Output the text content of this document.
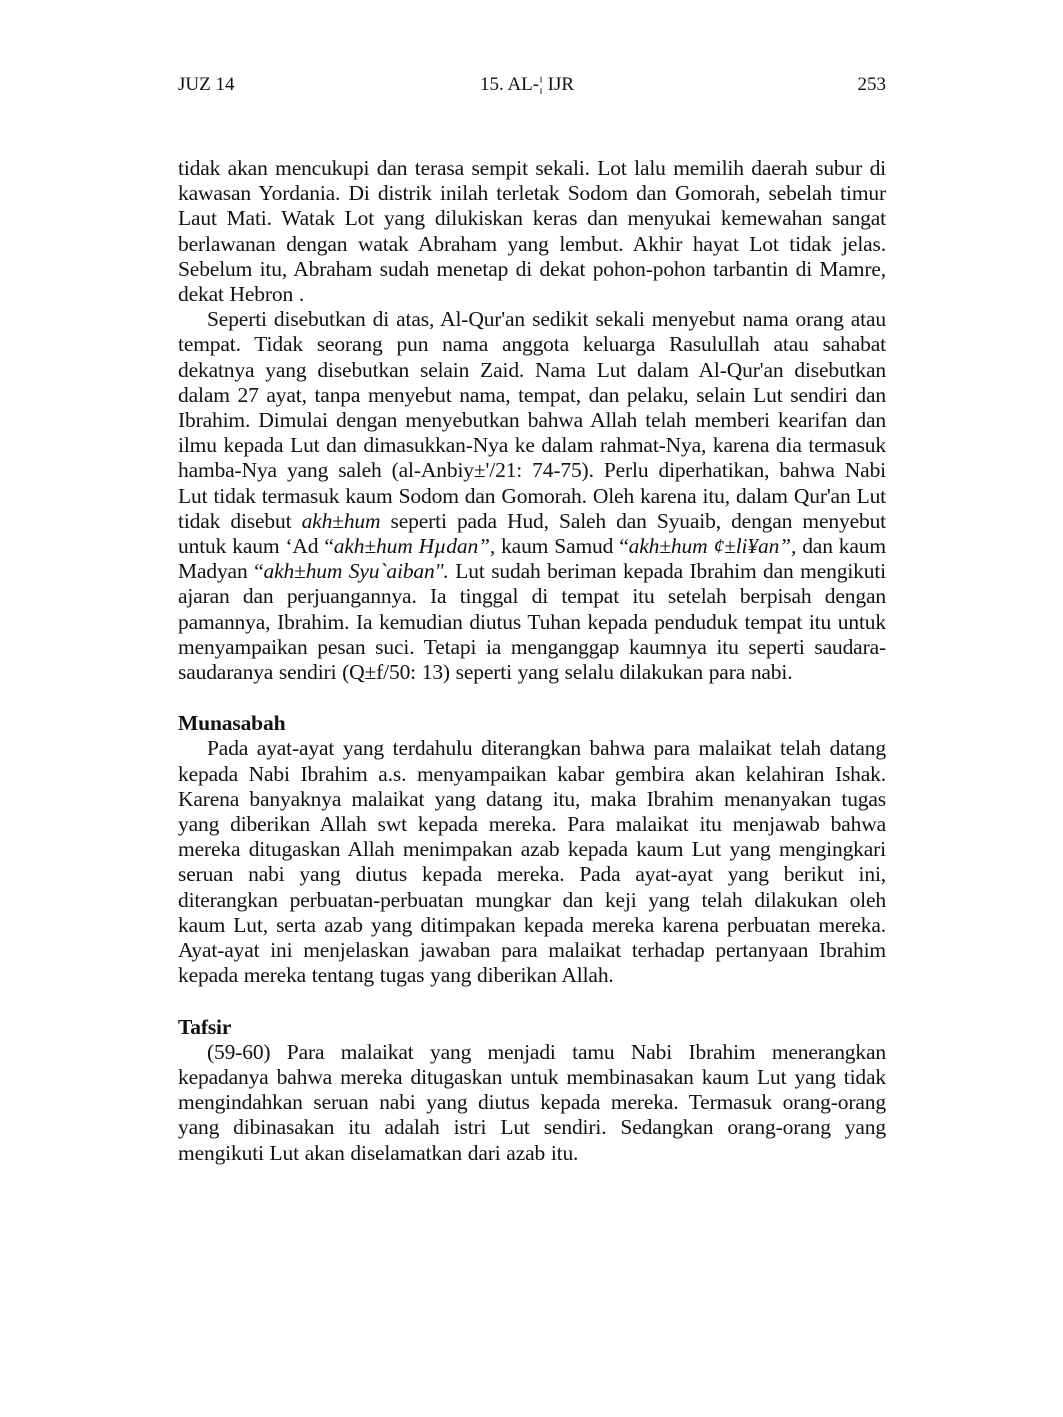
JUZ 14	15. AL-¦ IJR	253

tidak akan mencukupi dan terasa sempit sekali. Lot lalu memilih daerah subur di kawasan Yordania. Di distrik inilah terletak Sodom dan Gomorah, sebelah timur Laut Mati. Watak Lot yang dilukiskan keras dan menyukai kemewahan sangat berlawanan dengan watak Abraham yang lembut. Akhir hayat Lot tidak jelas. Sebelum itu, Abraham sudah menetap di dekat pohon-pohon tarbantin di Mamre, dekat Hebron .

Seperti disebutkan di atas, Al-Qur'an sedikit sekali menyebut nama orang atau tempat. Tidak seorang pun nama anggota keluarga Rasulullah atau sahabat dekatnya yang disebutkan selain Zaid. Nama Lut dalam Al-Qur'an disebutkan dalam 27 ayat, tanpa menyebut nama, tempat, dan pelaku, selain Lut sendiri dan Ibrahim. Dimulai dengan menyebutkan bahwa Allah telah memberi kearifan dan ilmu kepada Lut dan dimasukkan-Nya ke dalam rahmat-Nya, karena dia termasuk hamba-Nya yang saleh (al-Anbiy±'/21: 74-75). Perlu diperhatikan, bahwa Nabi Lut tidak termasuk kaum Sodom dan Gomorah. Oleh karena itu, dalam Qur'an Lut tidak disebut akh±hum seperti pada Hud, Saleh dan Syuaib, dengan menyebut untuk kaum ‘Ad “akh±hum Hµdan”, kaum Samud “akh±hum ¢±li¥an”, dan kaum Madyan “akh±hum Syu`aiban". Lut sudah beriman kepada Ibrahim dan mengikuti ajaran dan perjuangannya. Ia tinggal di tempat itu setelah berpisah dengan pamannya, Ibrahim. Ia kemudian diutus Tuhan kepada penduduk tempat itu untuk menyampaikan pesan suci. Tetapi ia menganggap kaumnya itu seperti saudara-saudaranya sendiri (Q±f/50: 13) seperti yang selalu dilakukan para nabi.

Munasabah

Pada ayat-ayat yang terdahulu diterangkan bahwa para malaikat telah datang kepada Nabi Ibrahim a.s. menyampaikan kabar gembira akan kelahiran Ishak. Karena banyaknya malaikat yang datang itu, maka Ibrahim menanyakan tugas yang diberikan Allah swt kepada mereka. Para malaikat itu menjawab bahwa mereka ditugaskan Allah menimpakan azab kepada kaum Lut yang mengingkari seruan nabi yang diutus kepada mereka. Pada ayat-ayat yang berikut ini, diterangkan perbuatan-perbuatan mungkar dan keji yang telah dilakukan oleh kaum Lut, serta azab yang ditimpakan kepada mereka karena perbuatan mereka. Ayat-ayat ini menjelaskan jawaban para malaikat terhadap pertanyaan Ibrahim kepada mereka tentang tugas yang diberikan Allah.

Tafsir

(59-60) Para malaikat yang menjadi tamu Nabi Ibrahim menerangkan kepadanya bahwa mereka ditugaskan untuk membinasakan kaum Lut yang tidak mengindahkan seruan nabi yang diutus kepada mereka. Termasuk orang-orang yang dibinasakan itu adalah istri Lut sendiri. Sedangkan orang-orang yang mengikuti Lut akan diselamatkan dari azab itu.
